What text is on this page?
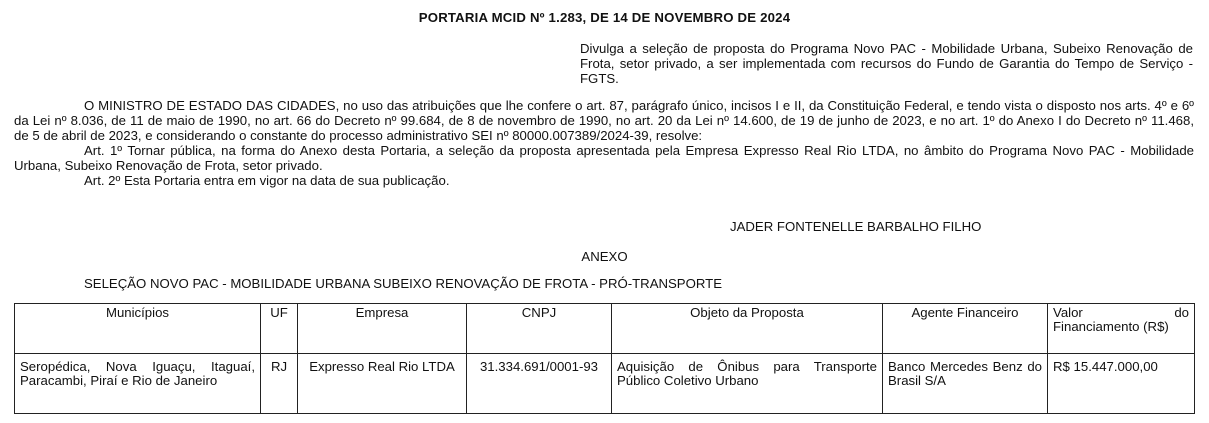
PORTARIA MCID Nº 1.283, DE 14 DE NOVEMBRO DE 2024
Divulga a seleção de proposta do Programa Novo PAC - Mobilidade Urbana, Subeixo Renovação de Frota, setor privado, a ser implementada com recursos do Fundo de Garantia do Tempo de Serviço - FGTS.

O MINISTRO DE ESTADO DAS CIDADES, no uso das atribuições que lhe confere o art. 87, parágrafo único, incisos I e II, da Constituição Federal, e tendo vista o disposto nos arts. 4º e 6º da Lei nº 8.036, de 11 de maio de 1990, no art. 66 do Decreto nº 99.684, de 8 de novembro de 1990, no art. 20 da Lei nº 14.600, de 19 de junho de 2023, e no art. 1º do Anexo I do Decreto nº 11.468, de 5 de abril de 2023, e considerando o constante do processo administrativo SEI nº 80000.007389/2024-39, resolve:

Art. 1º Tornar pública, na forma do Anexo desta Portaria, a seleção da proposta apresentada pela Empresa Expresso Real Rio LTDA, no âmbito do Programa Novo PAC - Mobilidade Urbana, Subeixo Renovação de Frota, setor privado.

Art. 2º Esta Portaria entra em vigor na data de sua publicação.

JADER FONTENELLE BARBALHO FILHO
ANEXO
SELEÇÃO NOVO PAC - MOBILIDADE URBANA SUBEIXO RENOVAÇÃO DE FROTA - PRÓ-TRANSPORTE
Municípios	UF	Empresa	CNPJ	Objeto da Proposta	Agente Financeiro	Valor do Financiamento (R$)
Seropédica, Nova Iguaçu, Itaguaí, Paracambi, Piraí e Rio de Janeiro	RJ	Expresso Real Rio LTDA	31.334.691/0001-93	Aquisição de Ônibus para Transporte Público Coletivo Urbano	Banco Mercedes Benz do Brasil S/A	R$ 15.447.000,00
